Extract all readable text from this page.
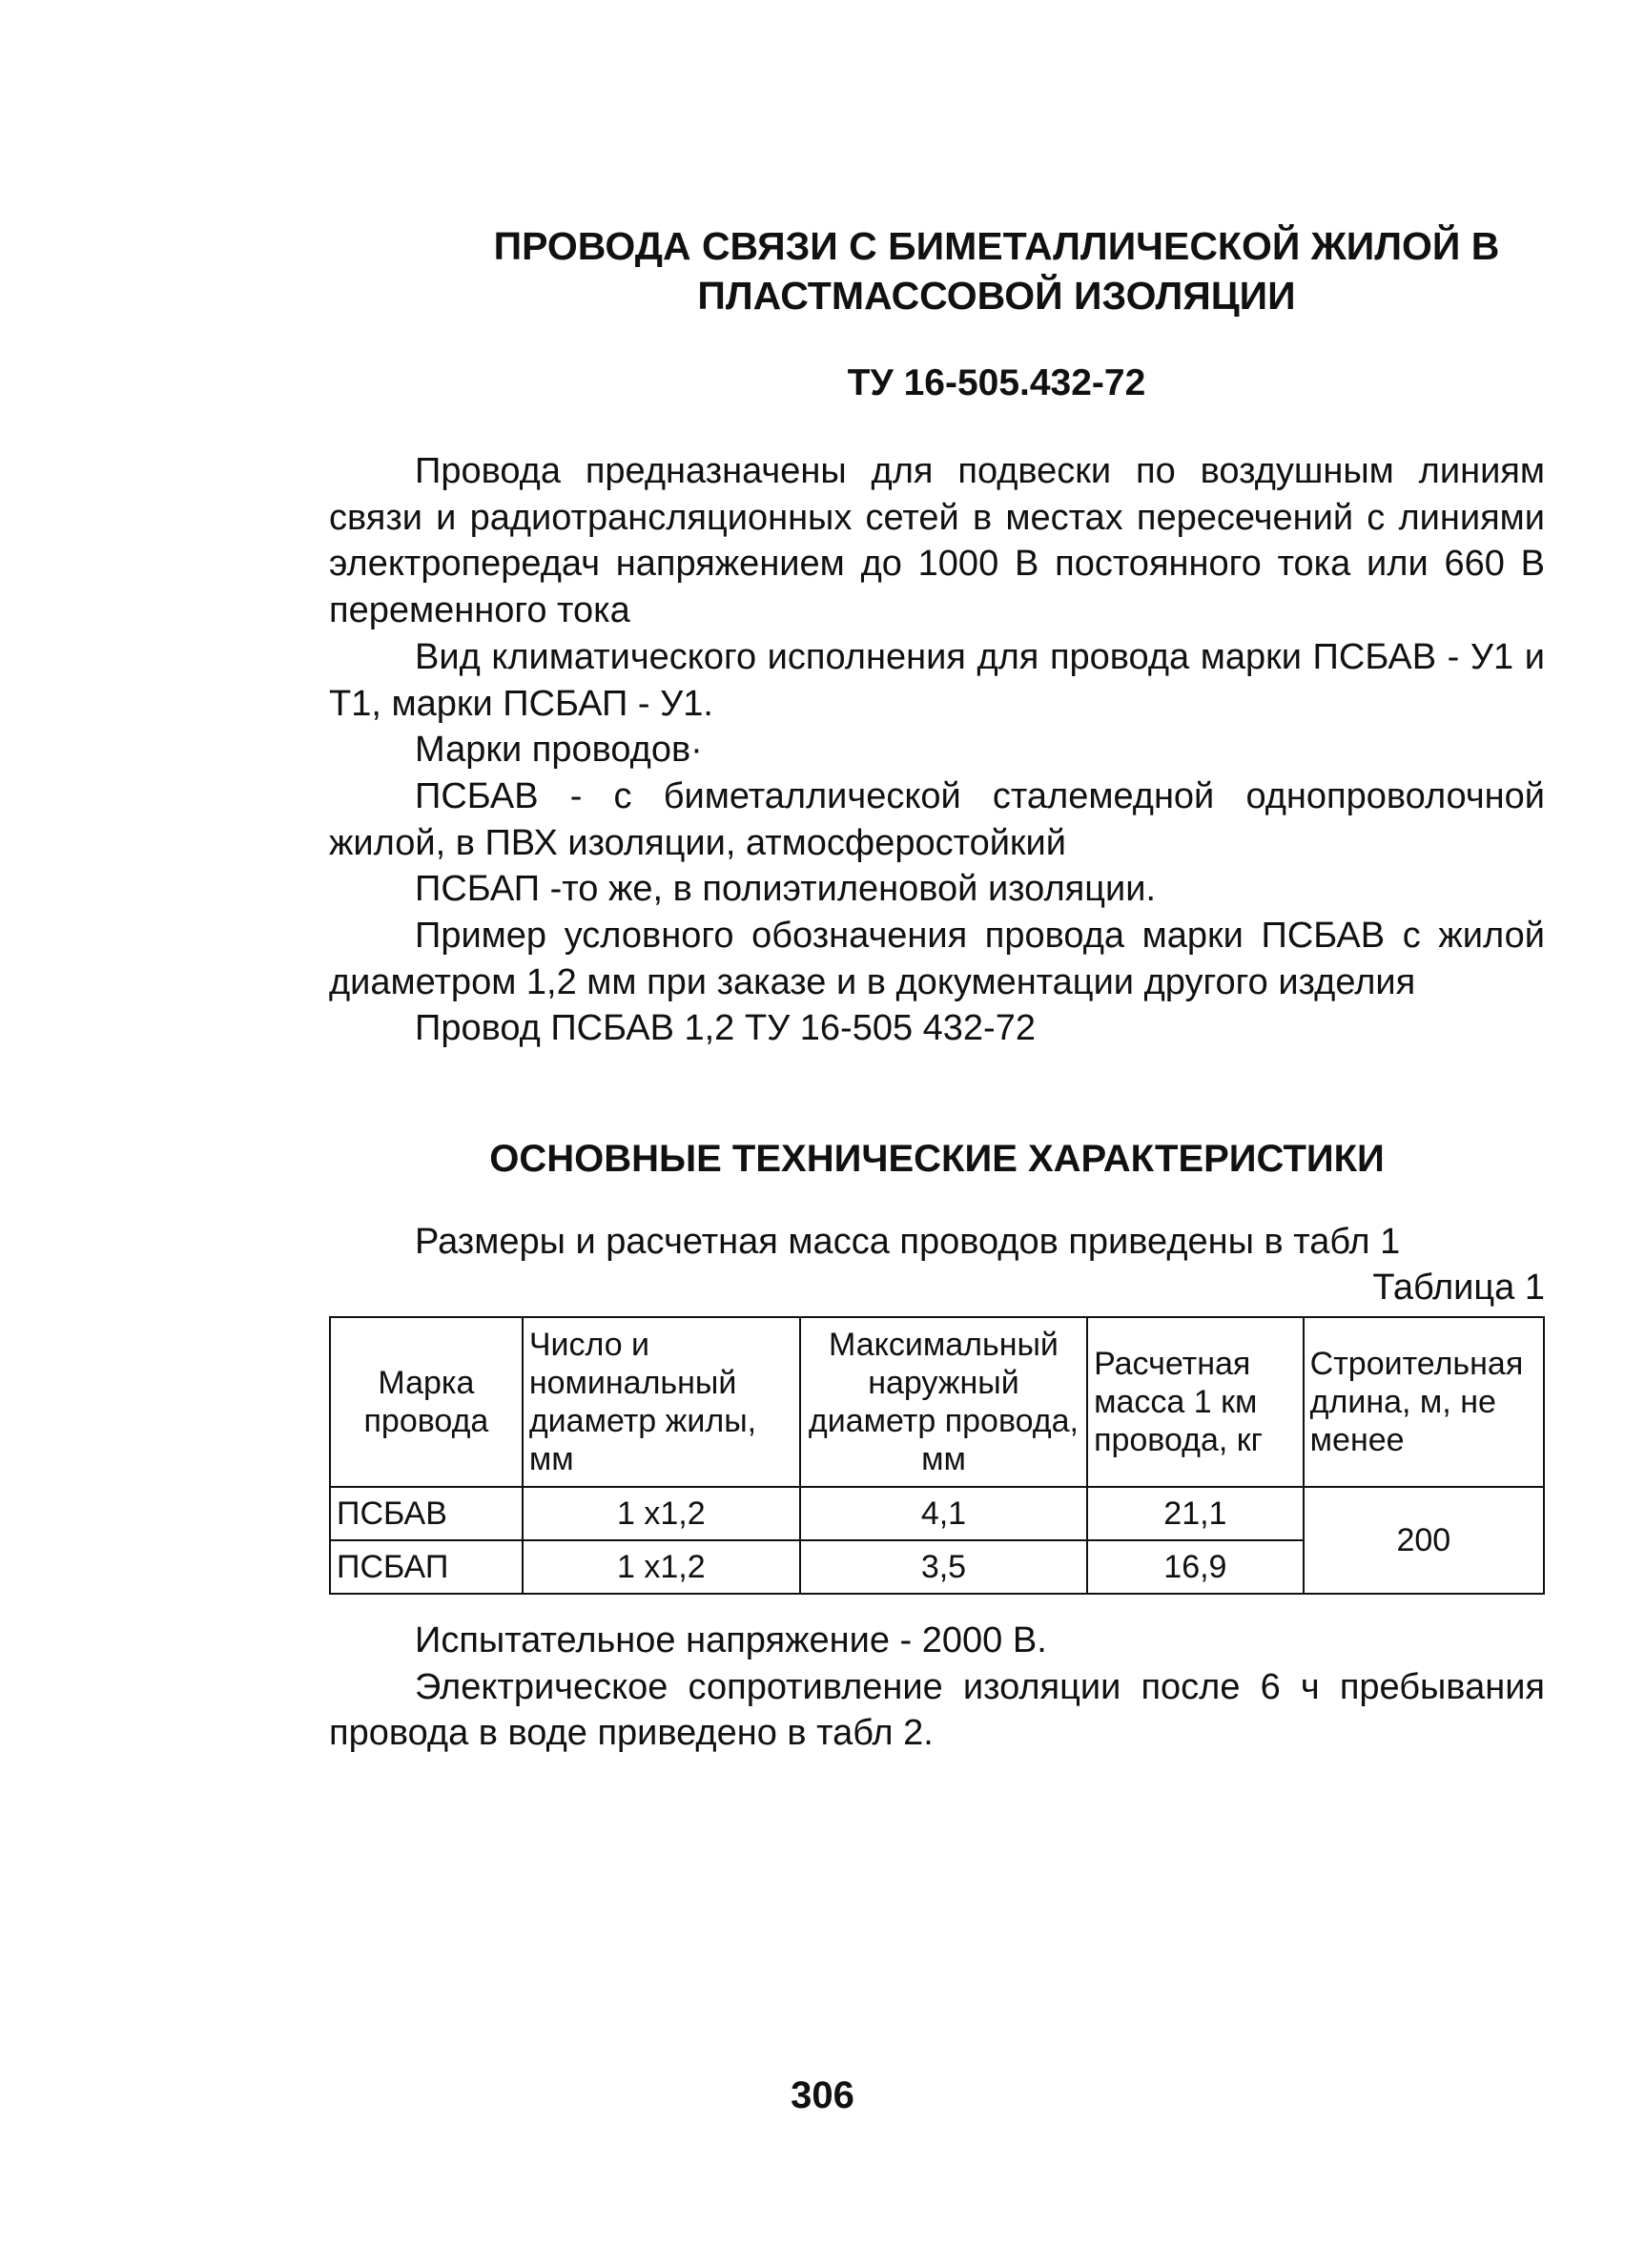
ПРОВОДА СВЯЗИ С БИМЕТАЛЛИЧЕСКОЙ ЖИЛОЙ В
ПЛАСТМАССОВОЙ ИЗОЛЯЦИИ
ТУ 16-505.432-72

Провода предназначены для подвески по воздушным линиям связи и радиотрансляционных сетей в местах пересечений с линиями электропередач напряжением до 1000 В постоянного тока или 660 В переменного тока

Вид климатического исполнения для провода марки ПСБАВ - У1 и Т1, марки ПСБАП - У1.

Марки проводов·

ПСБАВ - с биметаллической сталемедной однопроволочной жилой, в ПВХ изоляции, атмосферостойкий

ПСБАП -то же, в полиэтиленовой изоляции.

Пример условного обозначения провода марки ПСБАВ с жилой диаметром 1,2 мм при заказе и в документации другого изделия

Провод ПСБАВ 1,2 ТУ 16-505 432-72

ОСНОВНЫЕ ТЕХНИЧЕСКИЕ ХАРАКТЕРИСТИКИ

Размеры и расчетная масса проводов приведены в табл 1

Таблица 1
Марка провода	Число и номинальный диаметр жилы, мм	Максимальный наружный диаметр провода, мм	Расчетная масса 1 км провода, кг	Строительная длина, м, не менее
ПСБАВ	1 х1,2	4,1	21,1	200
ПСБАП	1 х1,2	3,5	16,9	

Испытательное напряжение - 2000 В.

Электрическое сопротивление изоляции после 6 ч пребывания провода в воде приведено в табл 2.

306
